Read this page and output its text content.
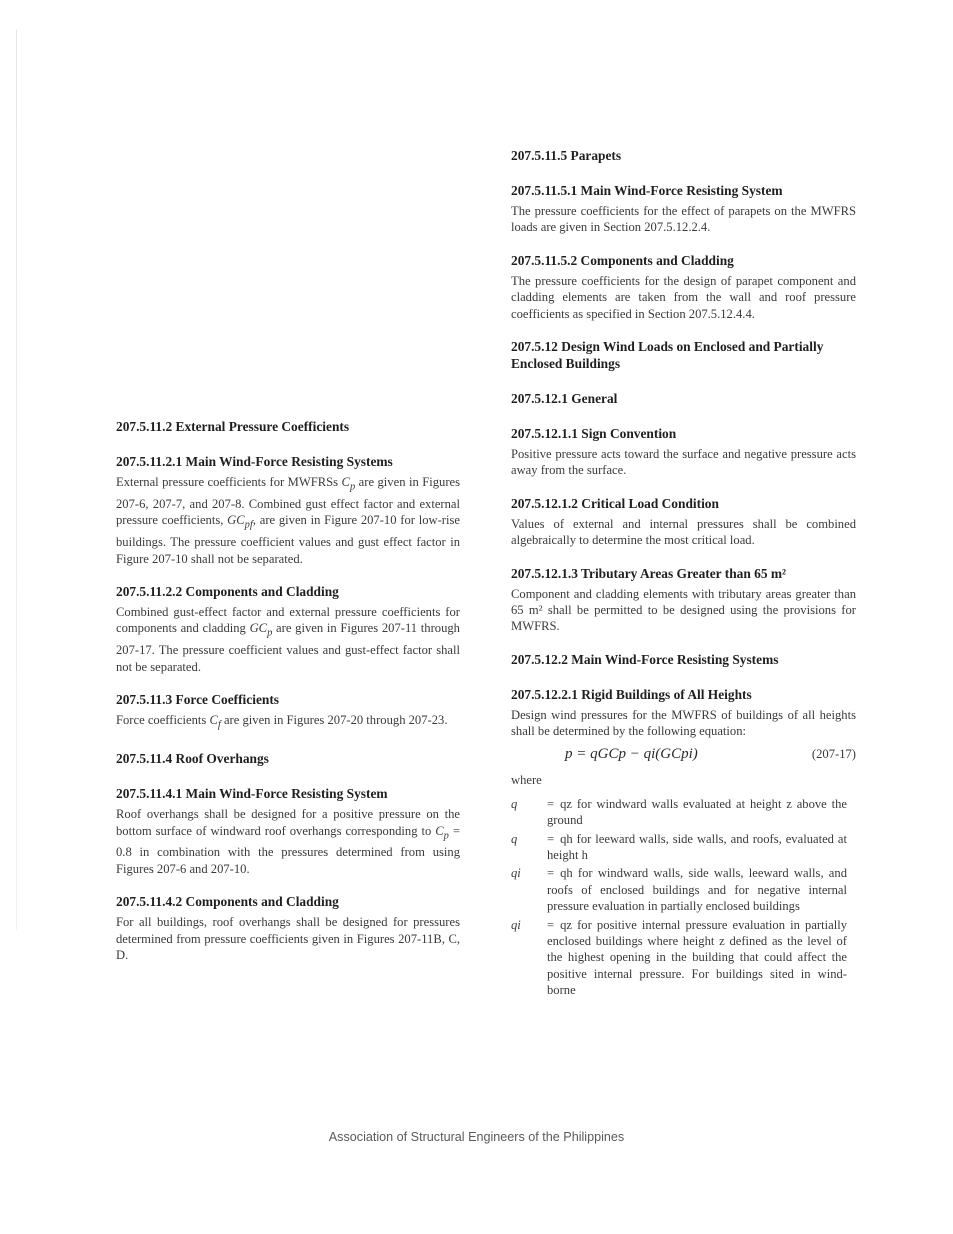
207.5.11.2 External Pressure Coefficients
207.5.11.2.1 Main Wind-Force Resisting Systems

External pressure coefficients for MWFRSs $C_p$ are given in Figures 207-6, 207-7, and 207-8. Combined gust effect factor and external pressure coefficients, $GC_{pf}$, are given in Figure 207-10 for low-rise buildings. The pressure coefficient values and gust effect factor in Figure 207-10 shall not be separated.

207.5.11.2.2 Components and Cladding

Combined gust-effect factor and external pressure coefficients for components and cladding $GC_p$ are given in Figures 207-11 through 207-17. The pressure coefficient values and gust-effect factor shall not be separated.

207.5.11.3 Force Coefficients

Force coefficients $C_f$ are given in Figures 207-20 through 207-23.

207.5.11.4 Roof Overhangs
207.5.11.4.1 Main Wind-Force Resisting System

Roof overhangs shall be designed for a positive pressure on the bottom surface of windward roof overhangs corresponding to $C_p = 0.8$ in combination with the pressures determined from using Figures 207-6 and 207-10.

207.5.11.4.2 Components and Cladding

For all buildings, roof overhangs shall be designed for pressures determined from pressure coefficients given in Figures 207-11B, C, D.

207.5.11.5 Parapets
207.5.11.5.1 Main Wind-Force Resisting System

The pressure coefficients for the effect of parapets on the MWFRS loads are given in Section 207.5.12.2.4.

207.5.11.5.2 Components and Cladding

The pressure coefficients for the design of parapet component and cladding elements are taken from the wall and roof pressure coefficients as specified in Section 207.5.12.4.4.

207.5.12 Design Wind Loads on Enclosed and Partially Enclosed Buildings
207.5.12.1 General
207.5.12.1.1 Sign Convention

Positive pressure acts toward the surface and negative pressure acts away from the surface.

207.5.12.1.2 Critical Load Condition

Values of external and internal pressures shall be combined algebraically to determine the most critical load.

207.5.12.1.3 Tributary Areas Greater than 65 m²

Component and cladding elements with tributary areas greater than 65 m² shall be permitted to be designed using the provisions for MWFRS.

207.5.12.2 Main Wind-Force Resisting Systems
207.5.12.2.1 Rigid Buildings of All Heights

Design wind pressures for the MWFRS of buildings of all heights shall be determined by the following equation:

p = qGCp − qi(GCpi)	(207-17)
where
q	= qz for windward walls evaluated at height z above the ground
q	= qh for leeward walls, side walls, and roofs, evaluated at height h
qi	= qh for windward walls, side walls, leeward walls, and roofs of enclosed buildings and for negative internal pressure evaluation in partially enclosed buildings
qi	= qz for positive internal pressure evaluation in partially enclosed buildings where height z defined as the level of the highest opening in the building that could affect the positive internal pressure. For buildings sited in wind-borne
Association of Structural Engineers of the Philippines
